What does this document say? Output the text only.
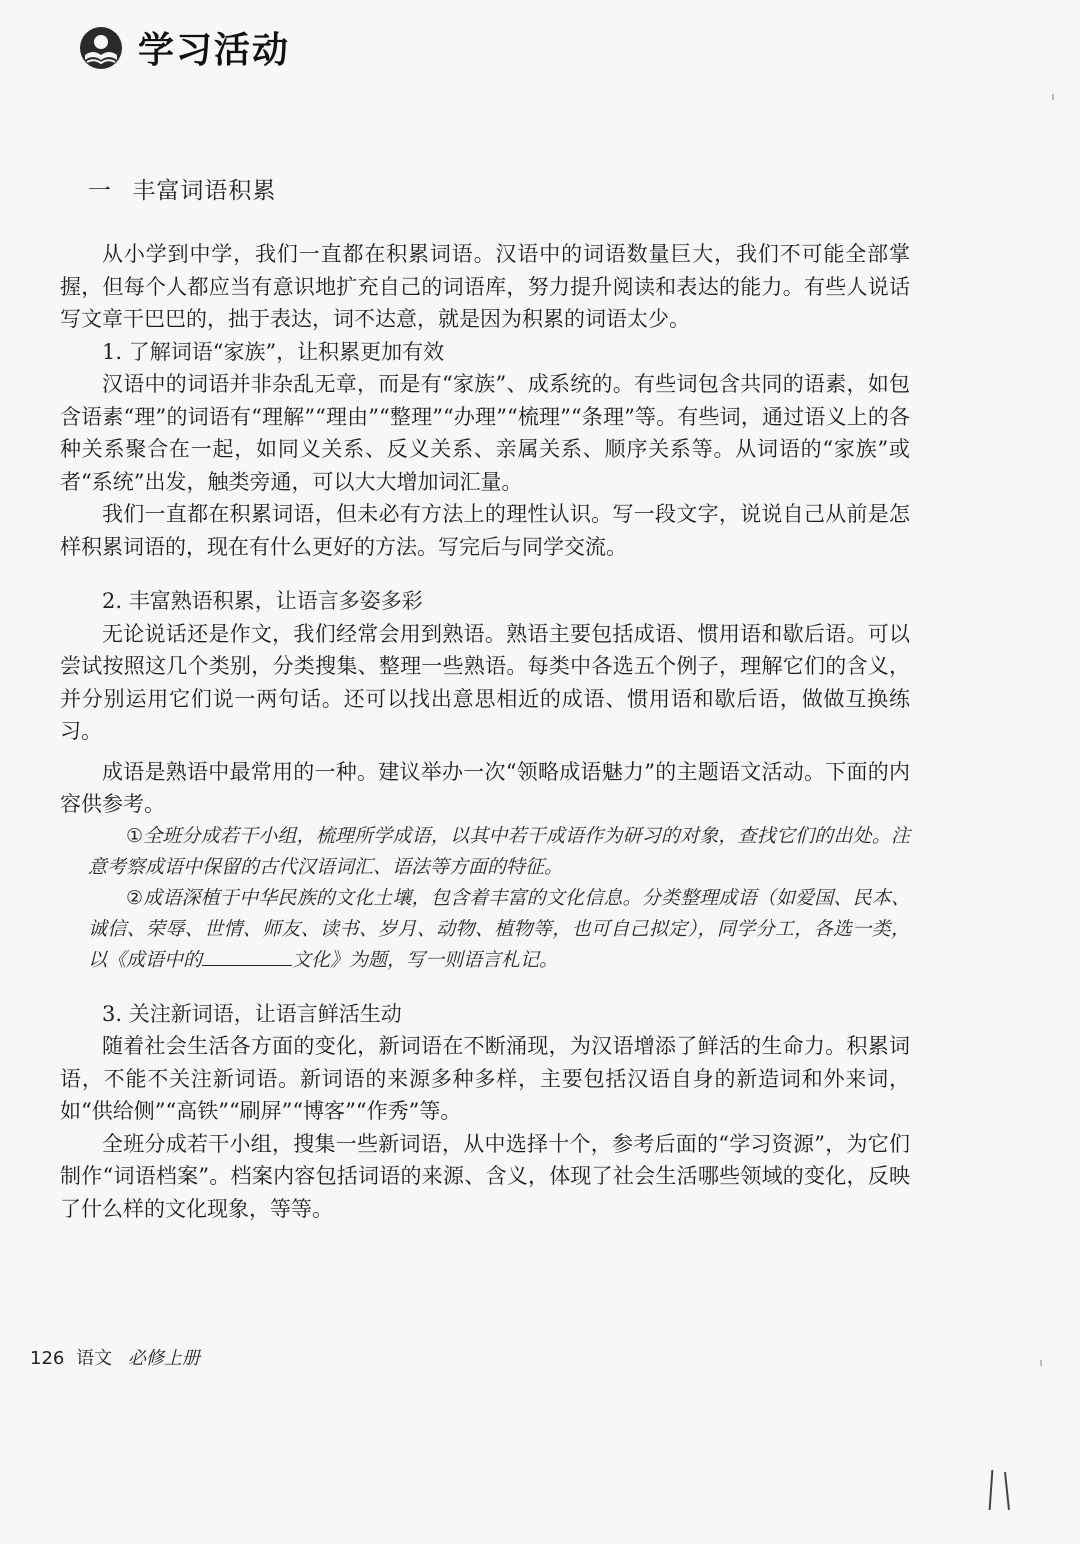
学习活动
一 丰富词语积累

从小学到中学，我们一直都在积累词语。汉语中的词语数量巨大，我们不可能全部掌握，但每个人都应当有意识地扩充自己的词语库，努力提升阅读和表达的能力。有些人说话写文章干巴巴的，拙于表达，词不达意，就是因为积累的词语太少。

1. 了解词语“家族”，让积累更加有效

汉语中的词语并非杂乱无章，而是有“家族”、成系统的。有些词包含共同的语素，如包含语素“理”的词语有“理解”“理由”“整理”“办理”“梳理”“条理”等。有些词，通过语义上的各种关系聚合在一起，如同义关系、反义关系、亲属关系、顺序关系等。从词语的“家族”或者“系统”出发，触类旁通，可以大大增加词汇量。

我们一直都在积累词语，但未必有方法上的理性认识。写一段文字，说说自己从前是怎样积累词语的，现在有什么更好的方法。写完后与同学交流。

2. 丰富熟语积累，让语言多姿多彩

无论说话还是作文，我们经常会用到熟语。熟语主要包括成语、惯用语和歇后语。可以尝试按照这几个类别，分类搜集、整理一些熟语。每类中各选五个例子，理解它们的含义，并分别运用它们说一两句话。还可以找出意思相近的成语、惯用语和歇后语，做做互换练习。

成语是熟语中最常用的一种。建议举办一次“领略成语魅力”的主题语文活动。下面的内容供参考。

①全班分成若干小组，梳理所学成语，以其中若干成语作为研习的对象，查找它们的出处。注意考察成语中保留的古代汉语词汇、语法等方面的特征。

②成语深植于中华民族的文化土壤，包含着丰富的文化信息。分类整理成语（如爱国、民本、诚信、荣辱、世情、师友、读书、岁月、动物、植物等，也可自己拟定），同学分工，各选一类，以《成语中的	文化》为题，写一则语言札记。

3. 关注新词语，让语言鲜活生动

随着社会生活各方面的变化，新词语在不断涌现，为汉语增添了鲜活的生命力。积累词语，不能不关注新词语。新词语的来源多种多样，主要包括汉语自身的新造词和外来词，如“供给侧”“高铁”“刷屏”“博客”“作秀”等。

全班分成若干小组，搜集一些新词语，从中选择十个，参考后面的“学习资源”，为它们制作“词语档案”。档案内容包括词语的来源、含义，体现了社会生活哪些领域的变化，反映了什么样的文化现象，等等。

126 语文 必修上册
